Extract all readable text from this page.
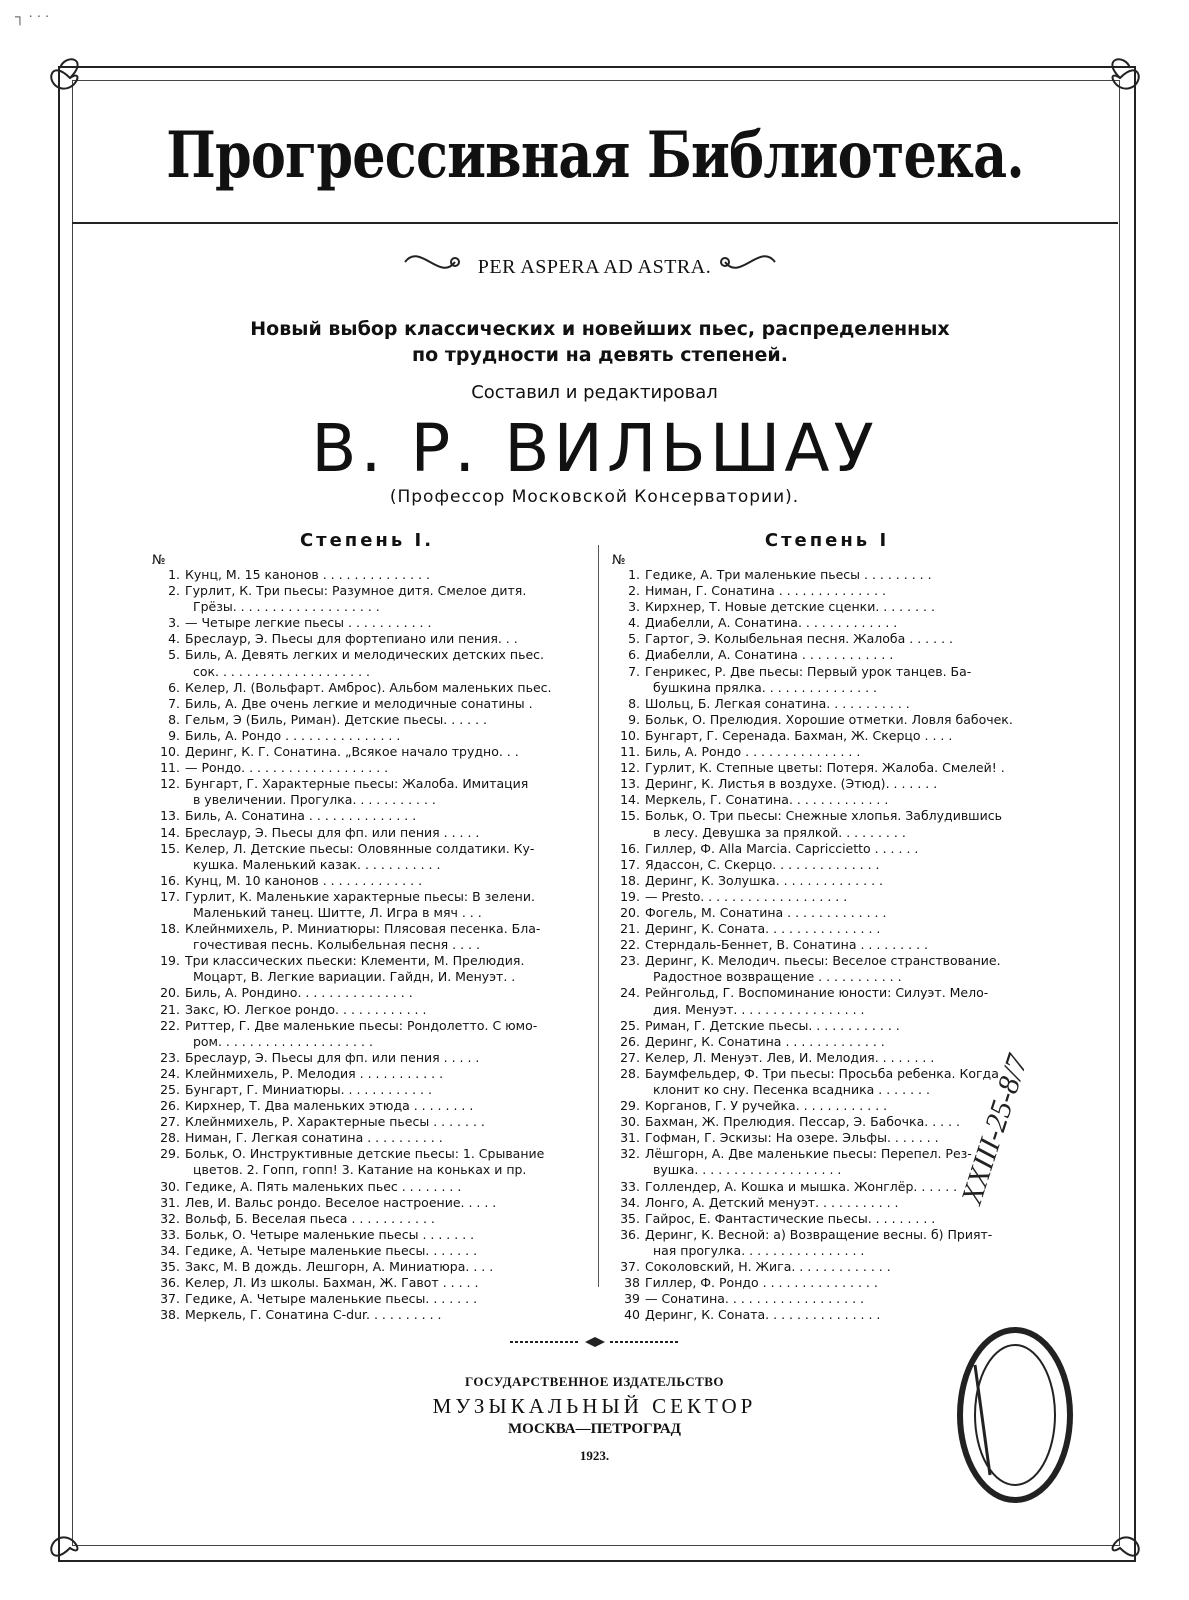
┐ · · ·
Прогрессивная Библиотека.
PER ASPERA AD ASTRA.
Новый выбор классических и новейших пьес, распределенных
по трудности на девять степеней.
Составил и редактировал
В. Р. ВИЛЬШАУ
(Профессор Московской Консерватории).
Степень I.
№
1. Кунц, М. 15 канонов . . . . . . . . . . . . . .
2. Гурлит, К. Три пьесы: Разумное дитя. Смелое дитя.
Грёзы. . . . . . . . . . . . . . . . . . .
3. — Четыре легкие пьесы . . . . . . . . . . .
4. Бреслаур, Э. Пьесы для фортепиано или пения. . .
5. Биль, А. Девять легких и мелодических детских пьес.
сок. . . . . . . . . . . . . . . . . . . .
6. Келер, Л. (Вольфарт. Амброс). Альбом маленьких пьес.
7. Биль, А. Две очень легкие и мелодичные сонатины .
8. Гельм, Э (Биль, Риман). Детские пьесы. . . . . .
9. Биль, А. Рондо . . . . . . . . . . . . . . .
10. Деринг, К. Г. Сонатина. „Всякое начало трудно. . .
11. — Рондо. . . . . . . . . . . . . . . . . . .
12. Бунгарт, Г. Характерные пьесы: Жалоба. Имитация
в увеличении. Прогулка. . . . . . . . . . .
13. Биль, А. Сонатина . . . . . . . . . . . . . .
14. Бреслаур, Э. Пьесы для фп. или пения . . . . .
15. Келер, Л. Детские пьесы: Оловянные солдатики. Ку-
кушка. Маленький казак. . . . . . . . . . .
16. Кунц, М. 10 канонов . . . . . . . . . . . . .
17. Гурлит, К. Маленькие характерные пьесы: В зелени.
Маленький танец. Шитте, Л. Игра в мяч . . .
18. Клейнмихель, Р. Миниатюры: Плясовая песенка. Бла-
гочестивая песнь. Колыбельная песня . . . .
19. Три классических пьески: Клементи, М. Прелюдия.
Моцарт, В. Легкие вариации. Гайдн, И. Менуэт. .
20. Биль, А. Рондино. . . . . . . . . . . . . . .
21. Закс, Ю. Легкое рондо. . . . . . . . . . . .
22. Риттер, Г. Две маленькие пьесы: Рондолетто. С юмо-
ром. . . . . . . . . . . . . . . . . . . .
23. Бреслаур, Э. Пьесы для фп. или пения . . . . .
24. Клейнмихель, Р. Мелодия . . . . . . . . . . .
25. Бунгарт, Г. Миниатюры. . . . . . . . . . . .
26. Кирхнер, Т. Два маленьких этюда . . . . . . . .
27. Клейнмихель, Р. Характерные пьесы . . . . . . .
28. Ниман, Г. Легкая сонатина . . . . . . . . . .
29. Больк, О. Инструктивные детские пьесы: 1. Срывание
цветов. 2. Гопп, гопп! 3. Катание на коньках и пр.
30. Гедике, А. Пять маленьких пьес . . . . . . . .
31. Лев, И. Вальс рондо. Веселое настроение. . . . .
32. Вольф, Б. Веселая пьеса . . . . . . . . . . .
33. Больк, О. Четыре маленькие пьесы . . . . . . .
34. Гедике, А. Четыре маленькие пьесы. . . . . . .
35. Закс, М. В дождь. Лешгорн, А. Миниатюра. . . .
36. Келер, Л. Из школы. Бахман, Ж. Гавот . . . . .
37. Гедике, А. Четыре маленькие пьесы. . . . . . .
38. Меркель, Г. Сонатина C-dur. . . . . . . . . .
Степень I
№
1. Гедике, А. Три маленькие пьесы . . . . . . . . .
2. Ниман, Г. Сонатина . . . . . . . . . . . . . .
3. Кирхнер, Т. Новые детские сценки. . . . . . . .
4. Диабелли, А. Сонатина. . . . . . . . . . . . .
5. Гартог, Э. Колыбельная песня. Жалоба . . . . . .
6. Диабелли, А. Сонатина . . . . . . . . . . . .
7. Генрикес, Р. Две пьесы: Первый урок танцев. Ба-
бушкина прялка. . . . . . . . . . . . . . .
8. Шольц, Б. Легкая сонатина. . . . . . . . . . .
9. Больк, О. Прелюдия. Хорошие отметки. Ловля бабочек.
10. Бунгарт, Г. Серенада. Бахман, Ж. Скерцо . . . .
11. Биль, А. Рондо . . . . . . . . . . . . . . .
12. Гурлит, К. Степные цветы: Потеря. Жалоба. Смелей! .
13. Деринг, К. Листья в воздухе. (Этюд). . . . . . .
14. Меркель, Г. Сонатина. . . . . . . . . . . . .
15. Больк, О. Три пьесы: Снежные хлопья. Заблудившись
в лесу. Девушка за прялкой. . . . . . . . .
16. Гиллер, Ф. Alla Marcia. Capriccietto . . . . . .
17. Ядассон, С. Скерцо. . . . . . . . . . . . . .
18. Деринг, К. Золушка. . . . . . . . . . . . . .
19. — Presto. . . . . . . . . . . . . . . . . . .
20. Фогель, М. Сонатина . . . . . . . . . . . . .
21. Деринг, К. Соната. . . . . . . . . . . . . . .
22. Стерндаль-Беннет, В. Сонатина . . . . . . . . .
23. Деринг, К. Мелодич. пьесы: Веселое странствование.
Радостное возвращение . . . . . . . . . . .
24. Рейнгольд, Г. Воспоминание юности: Силуэт. Мело-
дия. Менуэт. . . . . . . . . . . . . . . . .
25. Риман, Г. Детские пьесы. . . . . . . . . . . .
26. Деринг, К. Сонатина . . . . . . . . . . . . .
27. Келер, Л. Менуэт. Лев, И. Мелодия. . . . . . . .
28. Баумфельдер, Ф. Три пьесы: Просьба ребенка. Когда
клонит ко сну. Песенка всадника . . . . . . .
29. Корганов, Г. У ручейка. . . . . . . . . . . .
30. Бахман, Ж. Прелюдия. Пессар, Э. Бабочка. . . . .
31. Гофман, Г. Эскизы: На озере. Эльфы. . . . . . .
32. Лёшгорн, А. Две маленькие пьесы: Перепел. Рез-
вушка. . . . . . . . . . . . . . . . . . .
33. Голлендер, А. Кошка и мышка. Жонглёр. . . . . .
34. Лонго, А. Детский менуэт. . . . . . . . . . .
35. Гайрос, Е. Фантастические пьесы. . . . . . . . .
36. Деринг, К. Весной: а) Возвращение весны. б) Прият-
ная прогулка. . . . . . . . . . . . . . . .
37. Соколовский, Н. Жига. . . . . . . . . . . . .
38 Гиллер, Ф. Рондо . . . . . . . . . . . . . . .
39 — Сонатина. . . . . . . . . . . . . . . . . .
40 Деринг, К. Соната. . . . . . . . . . . . . . .
ГОСУДАРСТВЕННОЕ ИЗДАТЕЛЬСТВО
МУЗЫКАЛЬНЫЙ СЕКТОР
МОСКВА—ПЕТРОГРАД
1923.
ХХIII-25-8/7
